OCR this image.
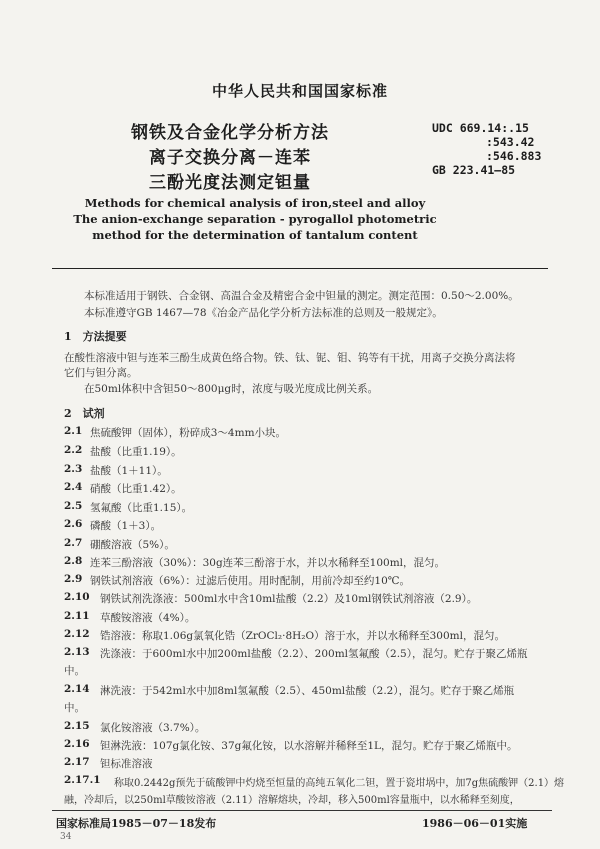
中华人民共和国国家标准
钢铁及合金化学分析方法
离子交换分离－连苯
三酚光度法测定钽量
UDC 669.14:.15
:543.42
:546.883
GB 223.41—85
Methods for chemical analysis of iron,steel and alloy
The anion-exchange separation - pyrogallol photometric
method for the determination of tantalum content
本标准适用于钢铁、合金钢、高温合金及精密合金中钽量的测定。测定范围：0.50～2.00%。
本标准遵守GB 1467—78《冶金产品化学分析方法标准的总则及一般规定》。
1　方法提要
在酸性溶液中钽与连苯三酚生成黄色络合物。铁、钛、铌、钼、钨等有干扰，用离子交换分离法将
它们与钽分离。
在50ml体积中含钽50～800μg时，浓度与吸光度成比例关系。
2　试剂
2.1 焦硫酸钾（固体），粉碎成3～4mm小块。
2.2 盐酸（比重1.19）。
2.3 盐酸（1＋11）。
2.4 硝酸（比重1.42）。
2.5 氢氟酸（比重1.15）。
2.6 磷酸（1＋3）。
2.7 硼酸溶液（5%）。
2.8 连苯三酚溶液（30%）：30g连苯三酚溶于水，并以水稀释至100ml，混匀。
2.9 钢铁试剂溶液（6%）：过滤后使用。用时配制，用前冷却至约10℃。
2.10 钢铁试剂洗涤液：500ml水中含10ml盐酸（2.2）及10ml钢铁试剂溶液（2.9）。
2.11 草酸铵溶液（4%）。
2.12 锆溶液：称取1.06g氯氧化锆（ZrOCl₂·8H₂O）溶于水，并以水稀释至300ml，混匀。
2.13 洗涤液：于600ml水中加200ml盐酸（2.2）、200ml氢氟酸（2.5），混匀。贮存于聚乙烯瓶
中。
2.14 淋洗液：于542ml水中加8ml氢氟酸（2.5）、450ml盐酸（2.2），混匀。贮存于聚乙烯瓶
中。
2.15 氯化铵溶液（3.7%）。
2.16 钽淋洗液：107g氯化铵、37g氟化铵，以水溶解并稀释至1L，混匀。贮存于聚乙烯瓶中。
2.17 钽标准溶液
2.17.1 称取0.2442g预先于硫酸钾中灼烧至恒量的高纯五氧化二钽，置于瓷坩埚中，加7g焦硫酸钾（2.1）熔
融，冷却后，以250ml草酸铵溶液（2.11）溶解熔块，冷却，移入500ml容量瓶中，以水稀释至刻度，
国家标准局1985－07－18发布	1986－06－01实施
34
